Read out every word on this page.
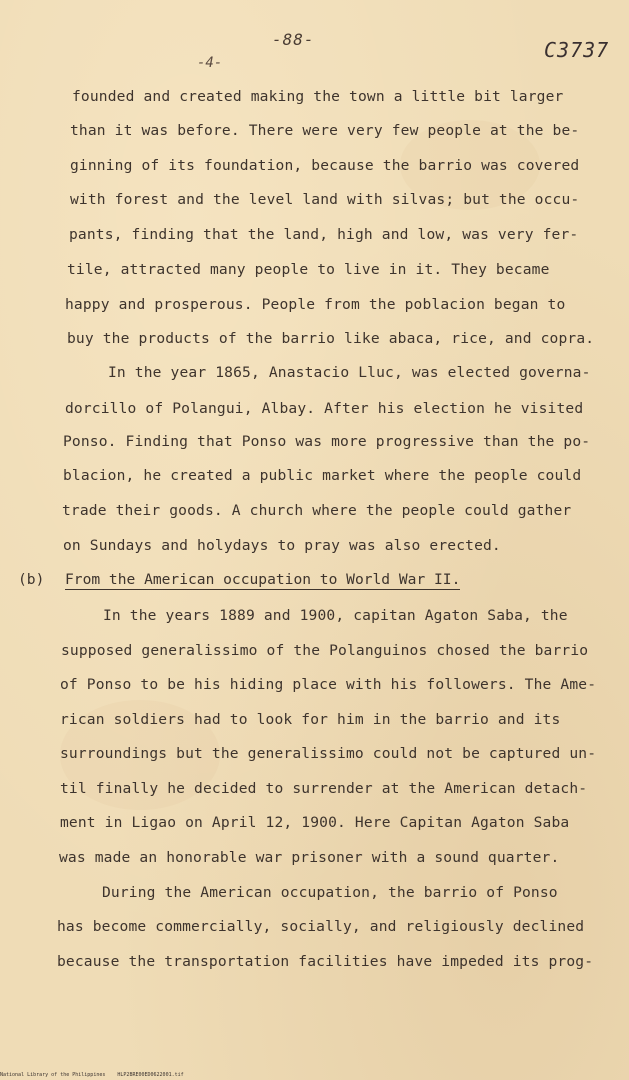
-88-
-4-
C3737
founded and created making the town a little bit larger
than it was before. There were very few people at the be-
ginning of its foundation, because the barrio was covered
with forest and the level land with silvas; but the occu-
pants, finding that the land, high and low, was very fer-
tile, attracted many people to live in it. They became
happy and prosperous. People from the poblacion began to
buy the products of the barrio like abaca, rice, and copra.
In the year 1865, Anastacio Lluc, was elected governa-
dorcillo of Polangui, Albay. After his election he visited
Ponso. Finding that Ponso was more progressive than the po-
blacion, he created a public market where the people could
trade their goods. A church where the people could gather
on Sundays and holydays to pray was also erected.
(b) From the American occupation to World War II.
In the years 1889 and 1900, capitan Agaton Saba, the
supposed generalissimo of the Polanguinos chosed the barrio
of Ponso to be his hiding place with his followers. The Ame-
rican soldiers had to look for him in the barrio and its
surroundings but the generalissimo could not be captured un-
til finally he decided to surrender at the American detach-
ment in Ligao on April 12, 1900. Here Capitan Agaton Saba
was made an honorable war prisoner with a sound quarter.
During the American occupation, the barrio of Ponso
has become commercially, socially, and religiously declined
because the transportation facilities have impeded its prog-
National Library of the Philippines    HLP2BRE00ED0622001.tif
